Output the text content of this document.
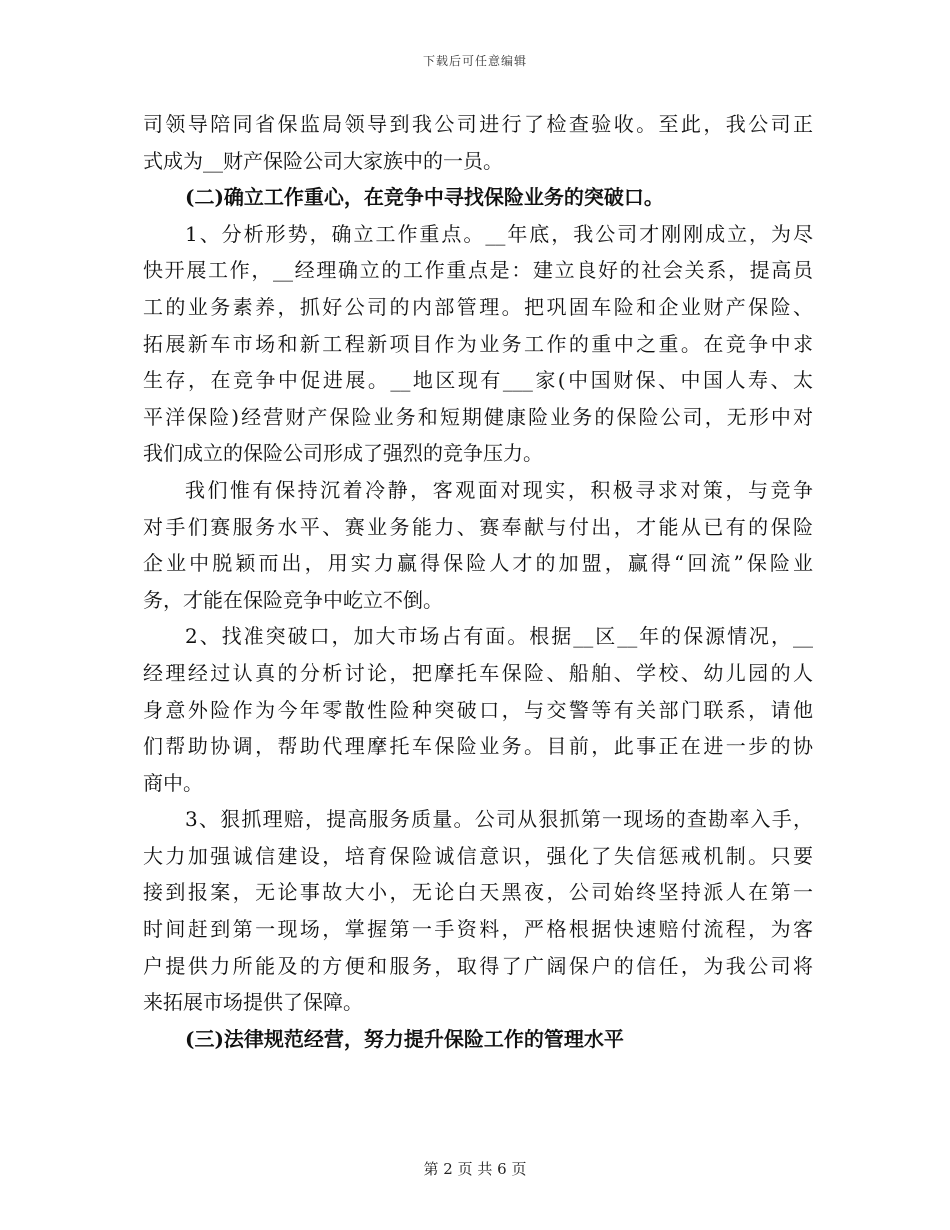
下载后可任意编辑
司领导陪同省保监局领导到我公司进行了检查验收。至此，我公司正
式成为__财产保险公司大家族中的一员。
(二)确立工作重心，在竞争中寻找保险业务的突破口。
1、分析形势，确立工作重点。__年底，我公司才刚刚成立，为尽
快开展工作，__经理确立的工作重点是：建立良好的社会关系，提高员
工的业务素养，抓好公司的内部管理。把巩固车险和企业财产保险、
拓展新车市场和新工程新项目作为业务工作的重中之重。在竞争中求
生存，在竞争中促进展。__地区现有___家(中国财保、中国人寿、太
平洋保险)经营财产保险业务和短期健康险业务的保险公司，无形中对
我们成立的保险公司形成了强烈的竞争压力。
我们惟有保持沉着冷静，客观面对现实，积极寻求对策，与竞争
对手们赛服务水平、赛业务能力、赛奉献与付出，才能从已有的保险
企业中脱颖而出，用实力赢得保险人才的加盟，赢得“回流”保险业
务，才能在保险竞争中屹立不倒。
2、找准突破口，加大市场占有面。根据__区__年的保源情况，__
经理经过认真的分析讨论，把摩托车保险、船舶、学校、幼儿园的人
身意外险作为今年零散性险种突破口，与交警等有关部门联系，请他
们帮助协调，帮助代理摩托车保险业务。目前，此事正在进一步的协
商中。
3、狠抓理赔，提高服务质量。公司从狠抓第一现场的查勘率入手，
大力加强诚信建设，培育保险诚信意识，强化了失信惩戒机制。只要
接到报案，无论事故大小，无论白天黑夜，公司始终坚持派人在第一
时间赶到第一现场，掌握第一手资料，严格根据快速赔付流程，为客
户提供力所能及的方便和服务，取得了广阔保户的信任，为我公司将
来拓展市场提供了保障。
(三)法律规范经营，努力提升保险工作的管理水平
第 2 页 共 6 页
